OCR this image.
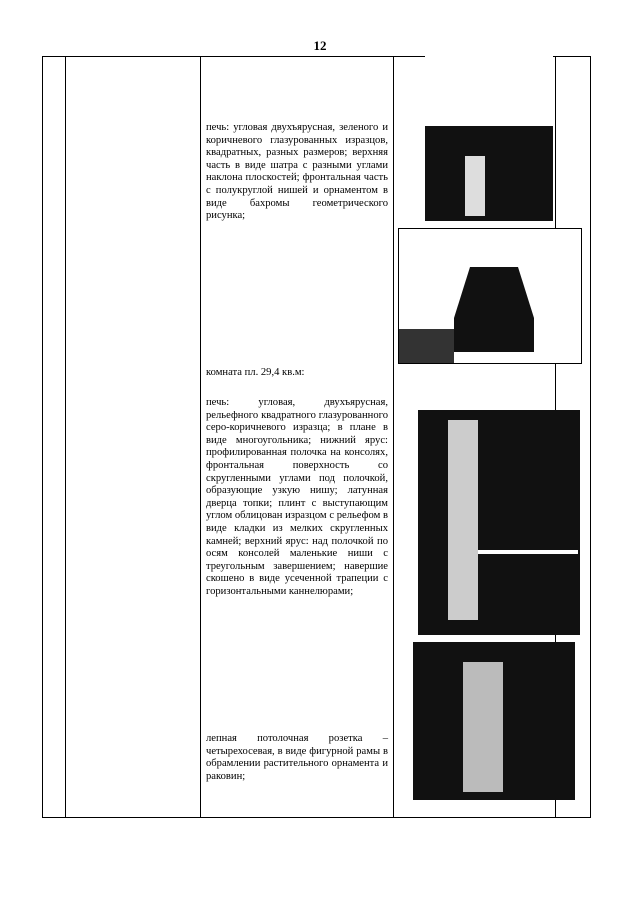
12
печь: угловая двухъярусная, зеленого и коричневого глазурованных изразцов, квадратных, разных размеров; верхняя часть в виде шатра с разными углами наклона плоскостей; фронтальная часть с полукруглой нишей и орнаментом в виде бахромы геометрического рисунка;
комната пл. 29,4 кв.м:
печь: угловая, двухъярусная, рельефного квадратного глазурованного серо-коричневого изразца; в плане в виде многоугольника; нижний ярус: профилированная полочка на консолях, фронтальная поверхность со скругленными углами под полочкой, образующие узкую нишу; латунная дверца топки; плинт с выступающим углом облицован изразцом с рельефом в виде кладки из мелких скругленных камней; верхний ярус: над полочкой по осям консолей маленькие ниши с треугольным завершением; навершие скошено в виде усеченной трапеции с горизонтальными каннелюрами;
лепная потолочная розетка – четырехосевая, в виде фигурной рамы в обрамлении растительного орнамента и раковин;
